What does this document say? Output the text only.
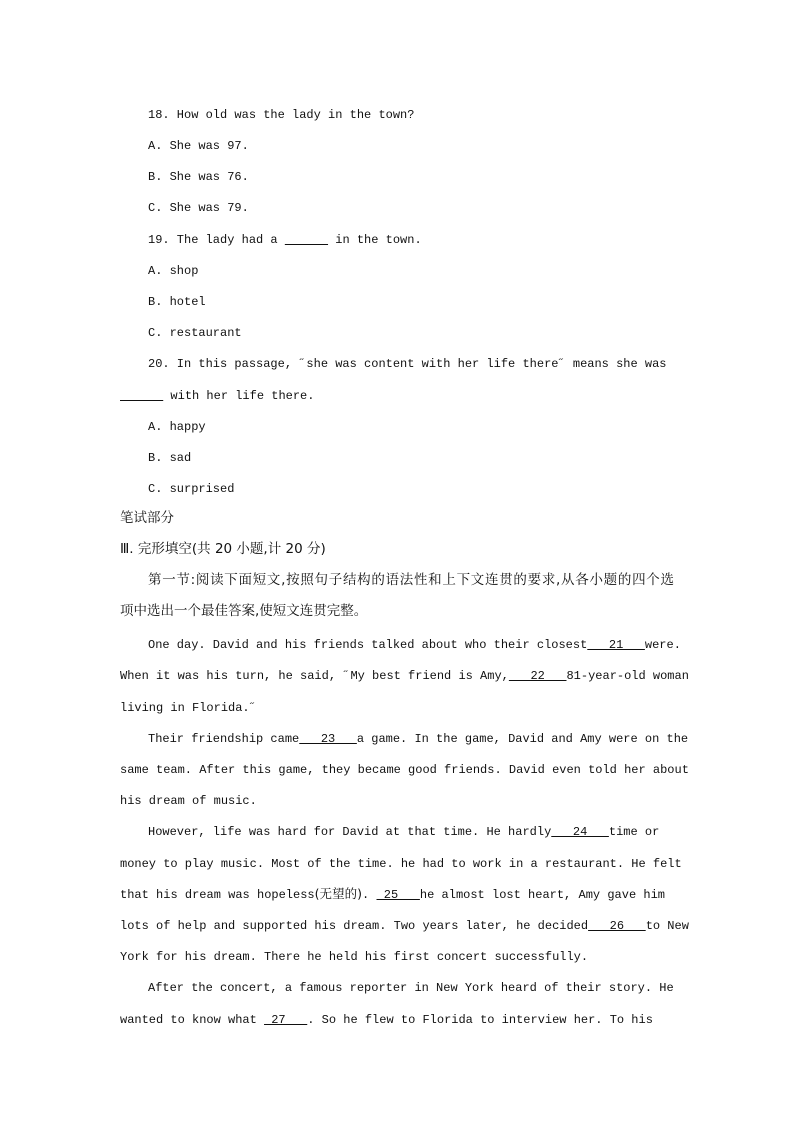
18. How old was the lady in the town?

A. She was 97.

B. She was 76.

C. She was 79.

19. The lady had a	in the town.

A. shop

B. hotel

C. restaurant

20. In this passage, ˝she was content with her life there˝ means she was

with her life there.

A. happy

B. sad

C. surprised

笔试部分

Ⅲ. 完形填空(共 20 小题,计 20 分)

第一节:阅读下面短文,按照句子结构的语法性和上下文连贯的要求,从各小题的四个选

项中选出一个最佳答案,使短文连贯完整。

One day. David and his friends talked about who their closest   21   were.

When it was his turn, he said, ˝My best friend is Amy,   22   81-year-old woman

living in Florida.˝

Their friendship came   23   a game. In the game, David and Amy were on the

same team. After this game, they became good friends. David even told her about

his dream of music.

However, life was hard for David at that time. He hardly   24   time or

money to play music. Most of the time. he had to work in a restaurant. He felt

that his dream was hopeless(无望的).  25   he almost lost heart, Amy gave him

lots of help and supported his dream. Two years later, he decided   26   to New

York for his dream. There he held his first concert successfully.

After the concert, a famous reporter in New York heard of their story. He

wanted to know what  27   . So he flew to Florida to interview her. To his
